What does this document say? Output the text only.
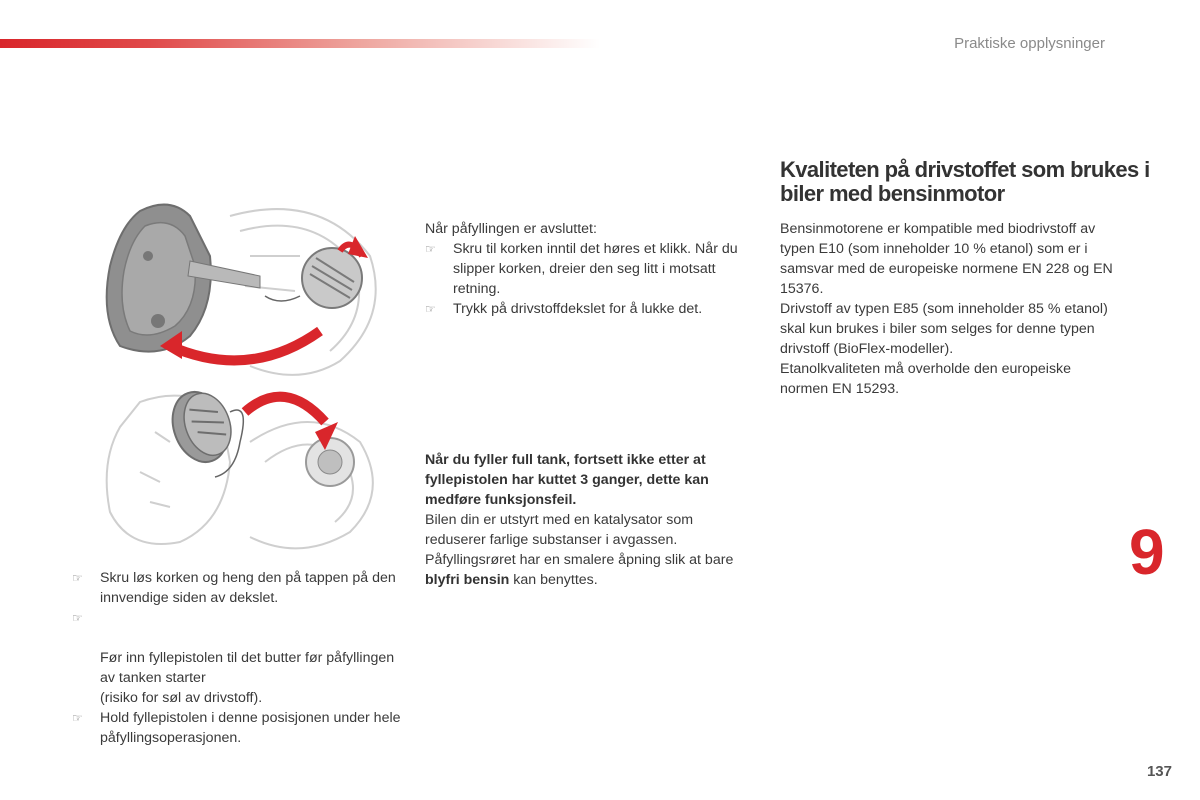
Praktiske opplysninger
☞	Skru løs korken og heng den på tappen på den innvendige siden av dekslet.

☞

Før inn fyllepistolen til det butter før påfyllingen av tanken starter
(risiko for søl av drivstoff).

☞	Hold fyllepistolen i denne posisjonen under hele påfyllingsoperasjonen.

Når påfyllingen er avsluttet:

☞	Skru til korken inntil det høres et klikk. Når du slipper korken, dreier den seg litt i motsatt retning.
☞	Trykk på drivstoffdekslet for å lukke det.

Når du fyller full tank, fortsett ikke etter at fyllepistolen har kuttet 3 ganger, dette kan medføre funksjonsfeil.

Bilen din er utstyrt med en katalysator som reduserer farlige substanser i avgassen.

Påfyllingsrøret har en smalere åpning slik at bare blyfri bensin kan benyttes.

Kvaliteten på drivstoffet som brukes i biler med bensinmotor

Bensinmotorene er kompatible med biodrivstoff av typen E10 (som inneholder 10 % etanol) som er i samsvar med de europeiske normene EN 228 og EN 15376.

Drivstoff av typen E85 (som inneholder 85 % etanol) skal kun brukes i biler som selges for denne typen drivstoff (BioFlex-modeller).

Etanolkvaliteten må overholde den europeiske normen EN 15293.

9
137
